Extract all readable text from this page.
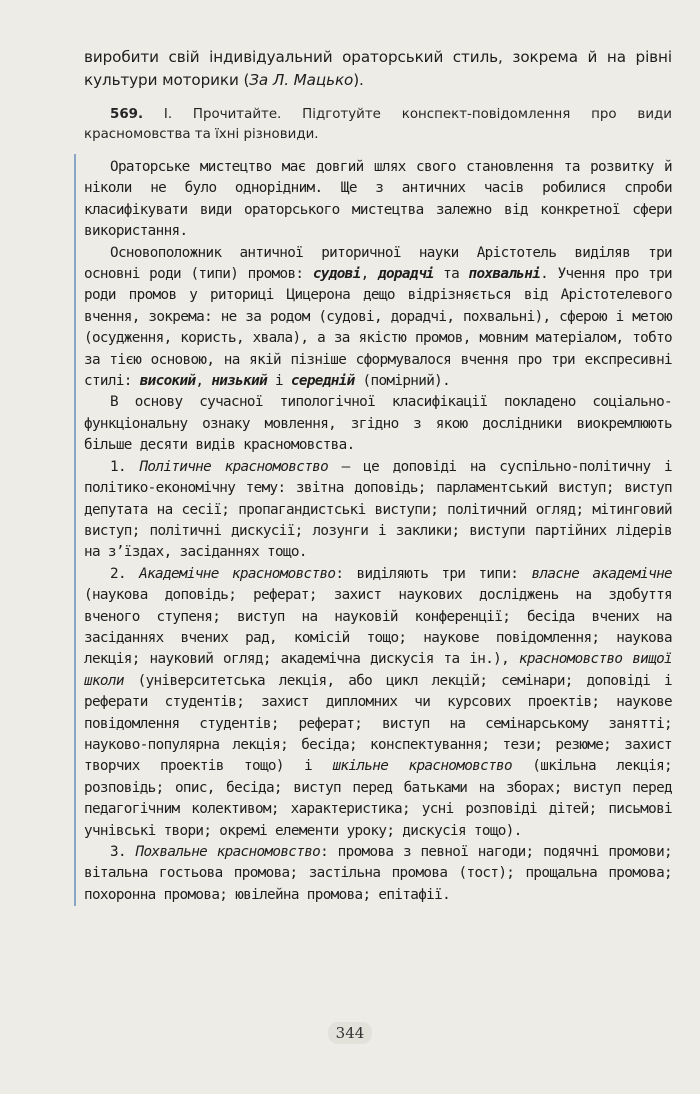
виробити свій індивідуальний ораторський стиль, зокрема й на рівні культури моторики (За Л. Мацько).

569. І. Прочитайте. Підготуйте конспект-повідомлення про види красномовства та їхні різновиди.

Ораторське мистецтво має довгий шлях свого становлення та розвитку й ніколи не було однорідним. Ще з античних часів робилися спроби класифікувати види ораторського мистецтва залежно від конкретної сфери використання.

Основоположник античної риторичної науки Арістотель виділяв три основні роди (типи) промов: судові, дорадчі та похвальні. Учення про три роди промов у риториці Цицерона дещо відрізняється від Арістотелевого вчення, зокрема: не за родом (судові, дорадчі, похвальні), сферою і метою (осудження, користь, хвала), а за якістю промов, мовним матеріалом, тобто за тією основою, на якій пізніше сформувалося вчення про три експресивні стилі: високий, низький і середній (помірний).

В основу сучасної типологічної класифікації покладено соціально-функціональну ознаку мовлення, згідно з якою дослідники виокремлюють більше десяти видів красномовства.

1. Політичне красномовство — це доповіді на суспільно-політичну і політико-економічну тему: звітна доповідь; парламентський виступ; виступ депутата на сесії; пропагандистські виступи; політичний огляд; мітинговий виступ; політичні дискусії; лозунги і заклики; виступи партійних лідерів на з’їздах, засіданнях тощо.

2. Академічне красномовство: виділяють три типи: власне академічне (наукова доповідь; реферат; захист наукових досліджень на здобуття вченого ступеня; виступ на науковій конференції; бесіда вчених на засіданнях вчених рад, комісій тощо; наукове повідомлення; наукова лекція; науковий огляд; академічна дискусія та ін.), красномовство вищої школи (університетська лекція, або цикл лекцій; семінари; доповіді і реферати студентів; захист дипломних чи курсових проектів; наукове повідомлення студентів; реферат; виступ на семінарському занятті; науково-популярна лекція; бесіда; конспектування; тези; резюме; захист творчих проектів тощо) і шкільне красномовство (шкільна лекція; розповідь; опис, бесіда; виступ перед батьками на зборах; виступ перед педагогічним колективом; характеристика; усні розповіді дітей; письмові учнівські твори; окремі елементи уроку; дискусія тощо).

3. Похвальне красномовство: промова з певної нагоди; подячні промови; вітальна гостьова промова; застільна промова (тост); прощальна промова; похоронна промова; ювілейна промова; епітафії.

344
